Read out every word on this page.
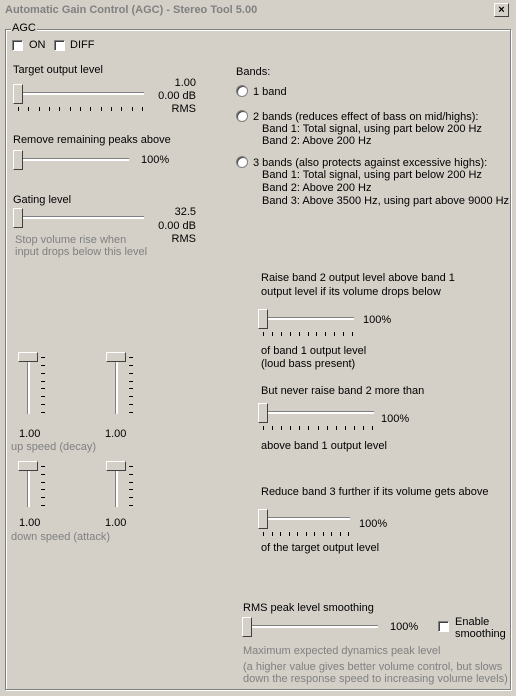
Automatic Gain Control (AGC) - Stereo Tool 5.00	×
AGC
ON DIFF
Target output level
1.00
0.00 dB
RMS
Remove remaining peaks above
100%
Gating level
32.5
0.00 dB
RMS
Stop volume rise when
input drops below this level
1.00	1.00
up speed (decay)
1.00	1.00
down speed (attack)
Bands:
1 band
2 bands (reduces effect of bass on mid/highs):
Band 1: Total signal, using part below 200 Hz
Band 2: Above 200 Hz
3 bands (also protects against excessive highs):
Band 1: Total signal, using part below 200 Hz
Band 2: Above 200 Hz
Band 3: Above 3500 Hz, using part above 9000 Hz
Raise band 2 output level above band 1
output level if its volume drops below
100%
of band 1 output level
(loud bass present)
But never raise band 2 more than
100%
above band 1 output level
Reduce band 3 further if its volume gets above
100%
of the target output level
RMS peak level smoothing
100%	Enable
smoothing
Maximum expected dynamics peak level
(a higher value gives better volume control, but slows
down the response speed to increasing volume levels)
